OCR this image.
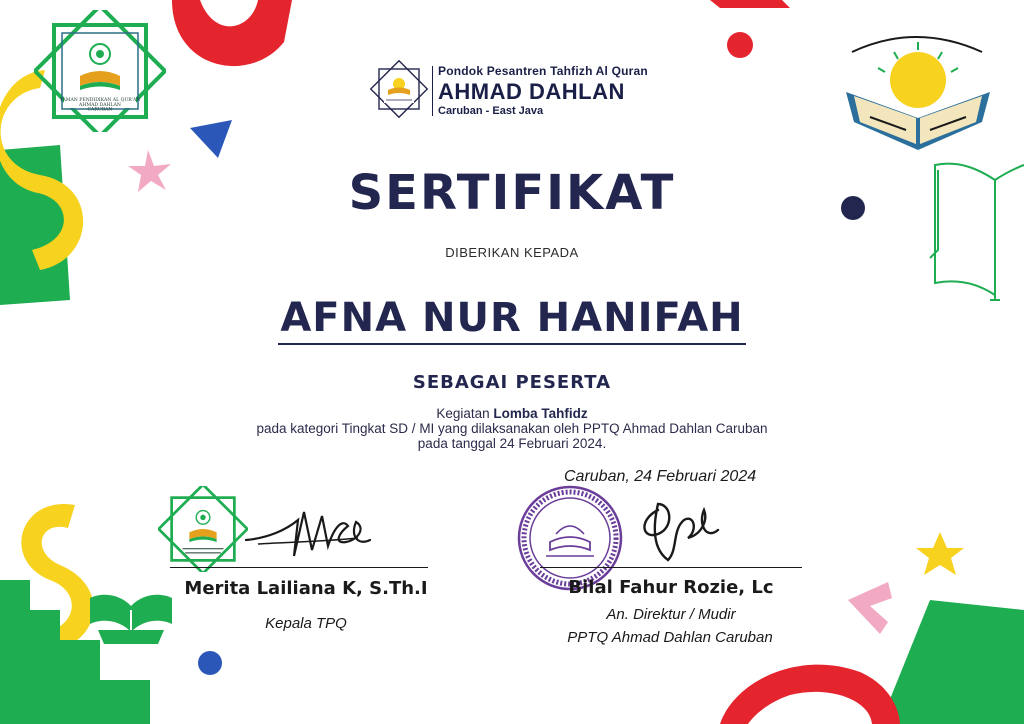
TAMAN PENDIDIKAN AL QUR'AN AHMAD DAHLAN CARUBAN
Pondok Pesantren Tahfizh Al Quran
AHMAD DAHLAN
Caruban - East Java
SERTIFIKAT
DIBERIKAN KEPADA
AFNA NUR HANIFAH
SEBAGAI PESERTA
Kegiatan Lomba Tahfidz
pada kategori Tingkat SD / MI yang dilaksanakan oleh PPTQ Ahmad Dahlan Caruban
pada tanggal 24 Februari 2024.
Caruban, 24 Februari 2024
Merita Lailiana K, S.Th.I
Kepala TPQ
Bilal Fahur Rozie, Lc
An. Direktur / Mudir
PPTQ Ahmad Dahlan Caruban
